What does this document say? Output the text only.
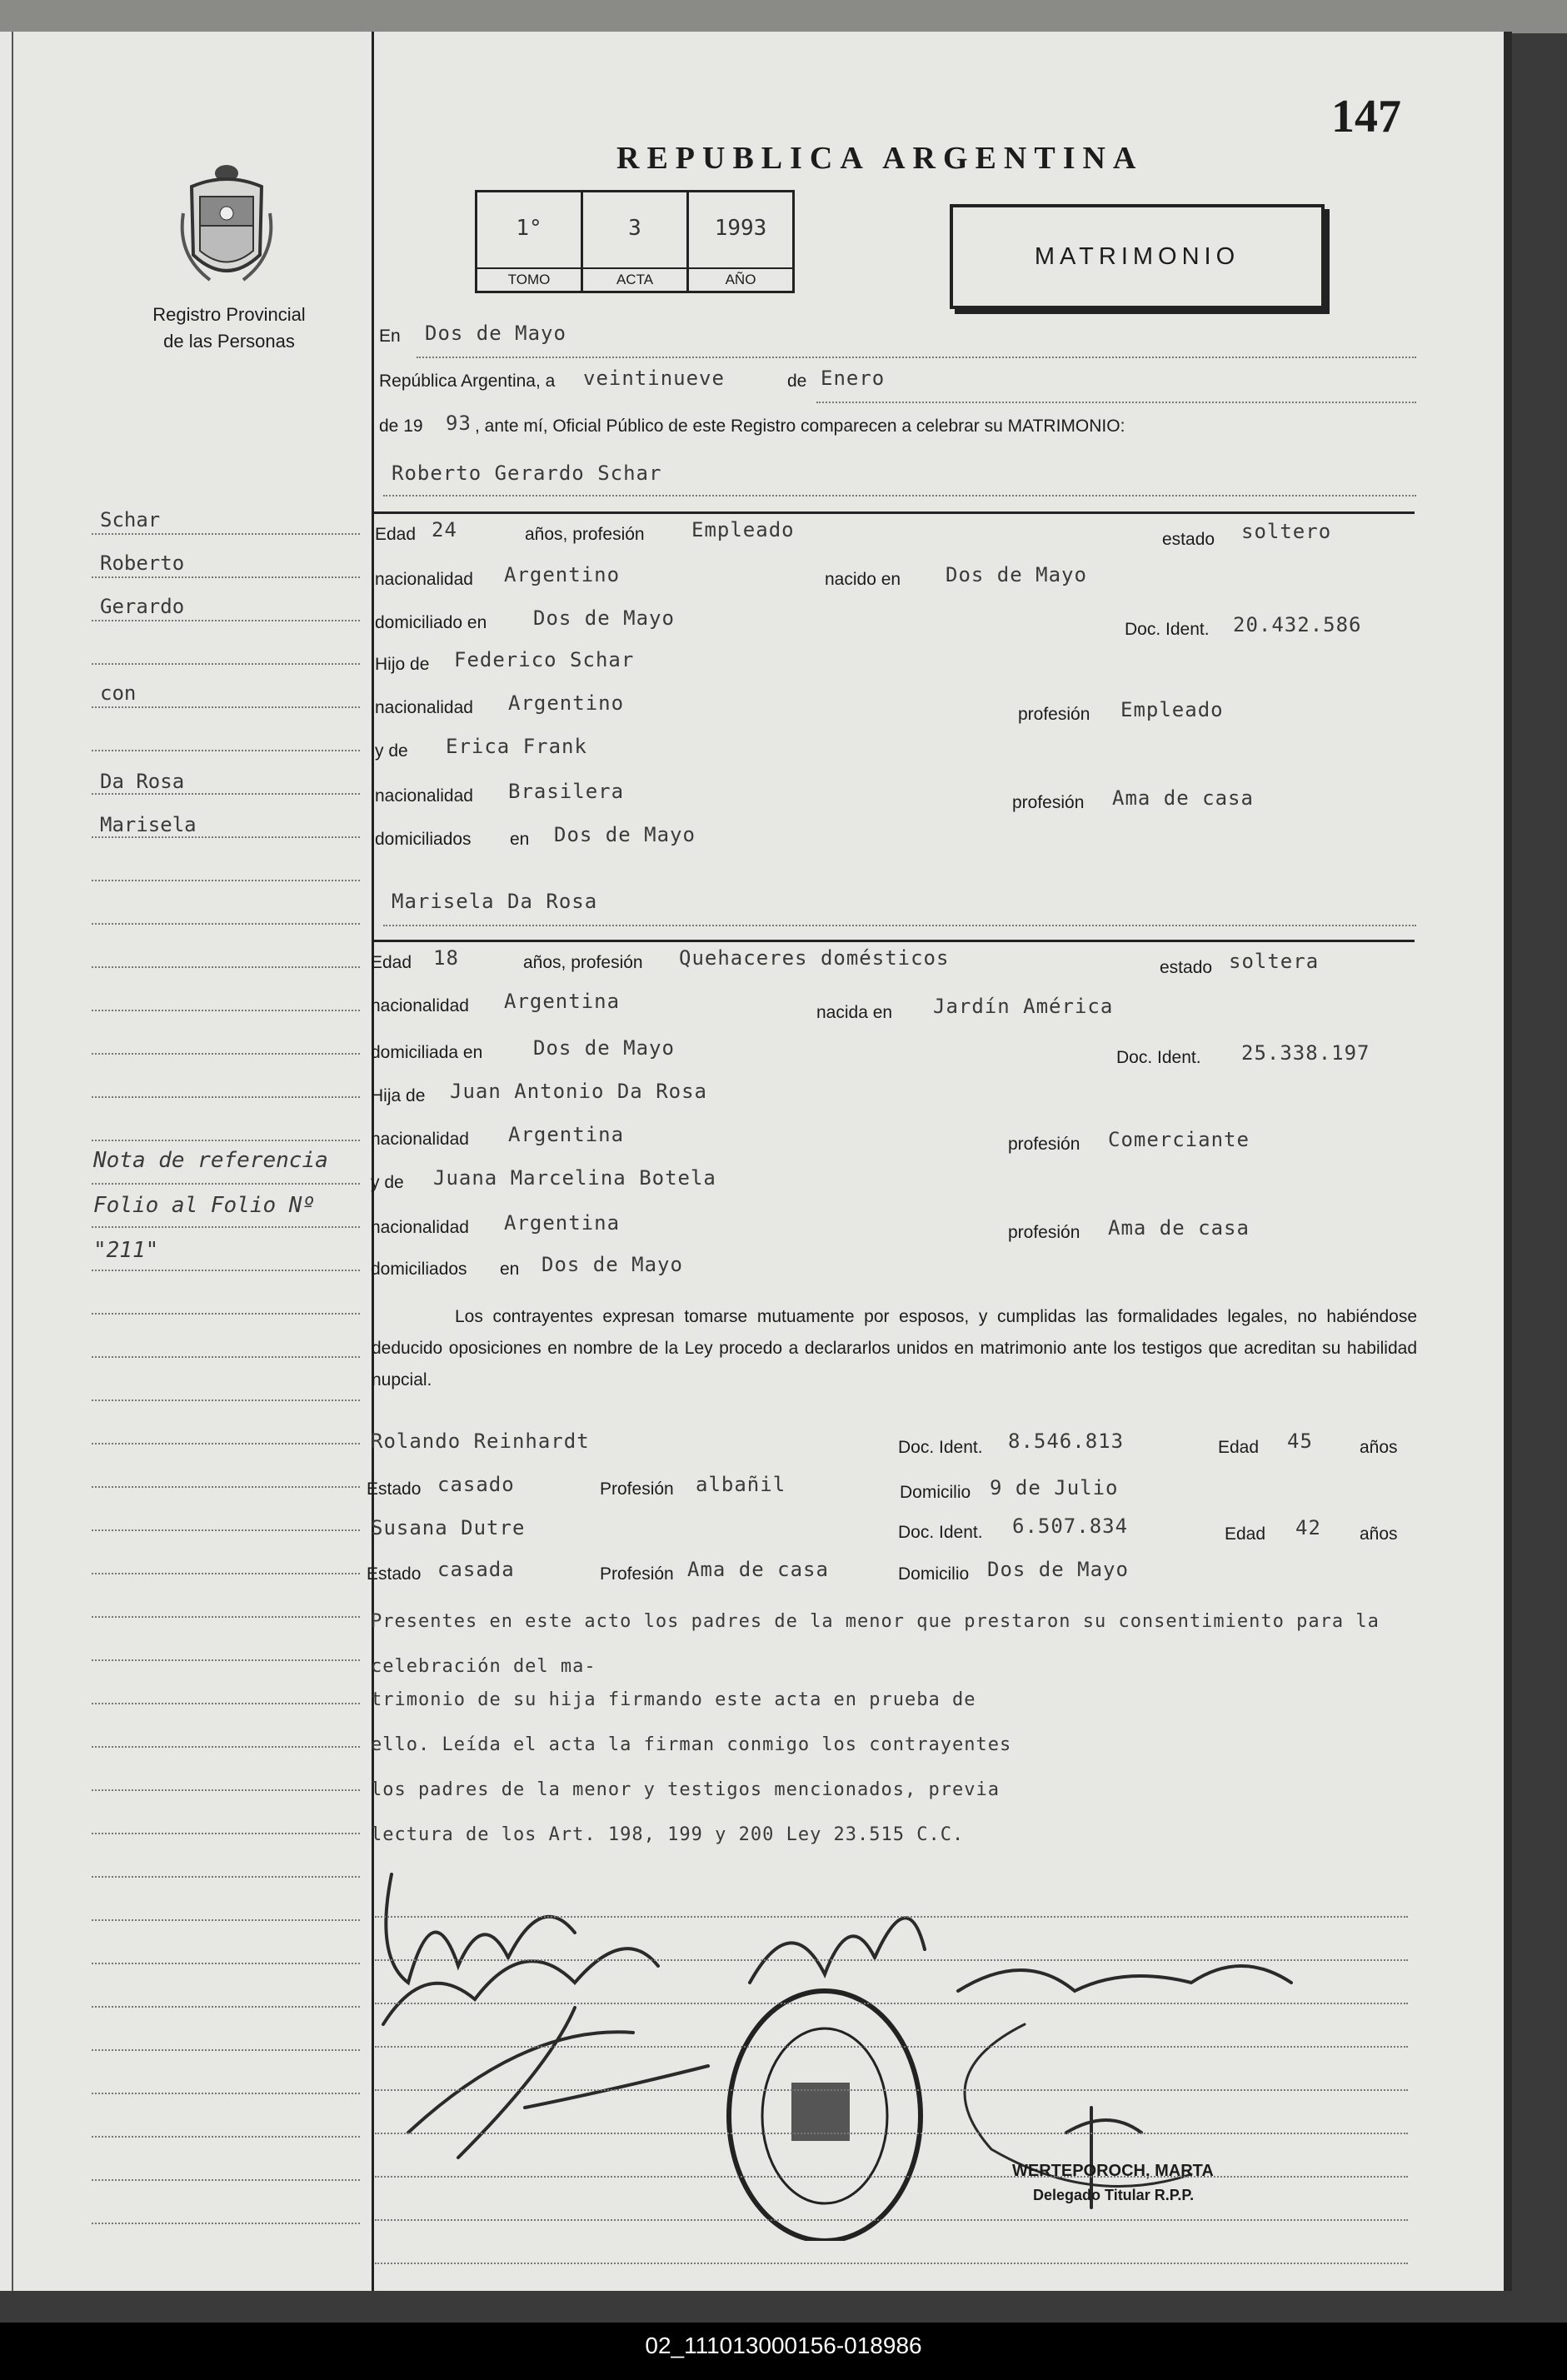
147
REPUBLICA ARGENTINA
Registro Provincial
de las Personas
1°
TOMO
3
ACTA
1993
AÑO
MATRIMONIO
En Dos de Mayo
República Argentina, a veintinueve	de Enero
de 19 93 , ante mí, Oficial Público de este Registro comparecen a celebrar su MATRIMONIO:
Roberto Gerardo Schar
Edad 24	años, profesión Empleado	estado soltero
nacionalidad Argentino	nacido en Dos de Mayo
domiciliado en Dos de Mayo	Doc. Ident. 20.432.586
Hijo de Federico Schar
nacionalidad Argentino	profesión Empleado
y de Erica Frank
nacionalidad Brasilera	profesión Ama de casa
domiciliados en Dos de Mayo
Marisela Da Rosa
Edad 18	años, profesión Quehaceres domésticos	estado soltera
nacionalidad Argentina	nacida en Jardín América
domiciliada en	Dos de Mayo	Doc. Ident. 25.338.197
Hija de Juan Antonio Da Rosa
nacionalidad Argentina	profesión Comerciante
y de Juana Marcelina Botela
nacionalidad Argentina	profesión Ama de casa
domiciliados en Dos de Mayo
Los contrayentes expresan tomarse mutuamente por esposos, y cumplidas las formalidades legales, no habiéndose deducido oposiciones en nombre de la Ley procedo a declararlos unidos en matrimonio ante los testigos que acreditan su habilidad nupcial.
Rolando Reinhardt	Doc. Ident. 8.546.813	Edad 45	años
Estado casado	Profesión albañil	Domicilio 9 de Julio
Susana Dutre	Doc. Ident. 6.507.834	Edad 42 años
Estado casada	Profesión Ama de casa	Domicilio Dos de Mayo
Presentes en este acto los padres de la menor que prestaron su consentimiento para la celebración del ma-
trimonio de su hija firmando este acta en prueba de
ello. Leída el acta la firman conmigo los contrayentes
los padres de la menor y testigos mencionados, previa
lectura de los Art. 198, 199 y 200 Ley 23.515 C.C.
Schar
Roberto
Gerardo
con
Da Rosa
Marisela
Nota de referencia
Folio al Folio Nº
"211"
WERTEPOROCH, MARTA
Delegado Titular R.P.P.
02_111013000156-018986
